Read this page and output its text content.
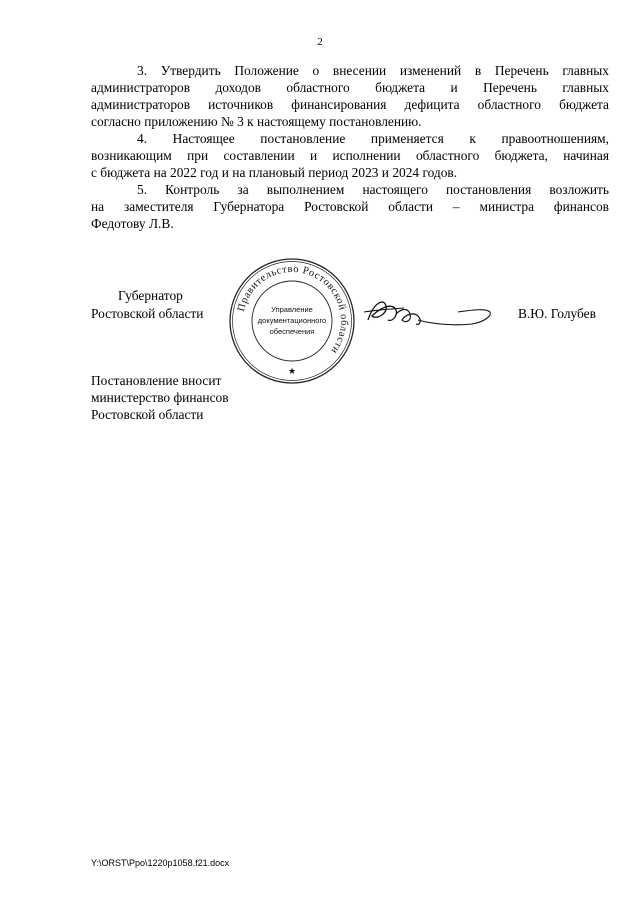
2
3. Утвердить Положение о внесении изменений в Перечень главных
администраторов доходов областного бюджета и Перечень главных
администраторов источников финансирования дефицита областного бюджета
согласно приложению № 3 к настоящему постановлению.
4. Настоящее постановление применяется к правоотношениям,
возникающим при составлении и исполнении областного бюджета, начиная
с бюджета на 2022 год и на плановый период 2023 и 2024 годов.
5. Контроль за выполнением настоящего постановления возложить
на заместителя Губернатора Ростовской области – министра финансов
Федотову Л.В.
Губернатор
Ростовской области	Правительство Ростовской области
Управление
документационного
обеспечения
★
В.Ю. Голубев
Постановление вносит
министерство финансов
Ростовской области
Y:\ORST\Ppo\1220p1058.f21.docx
